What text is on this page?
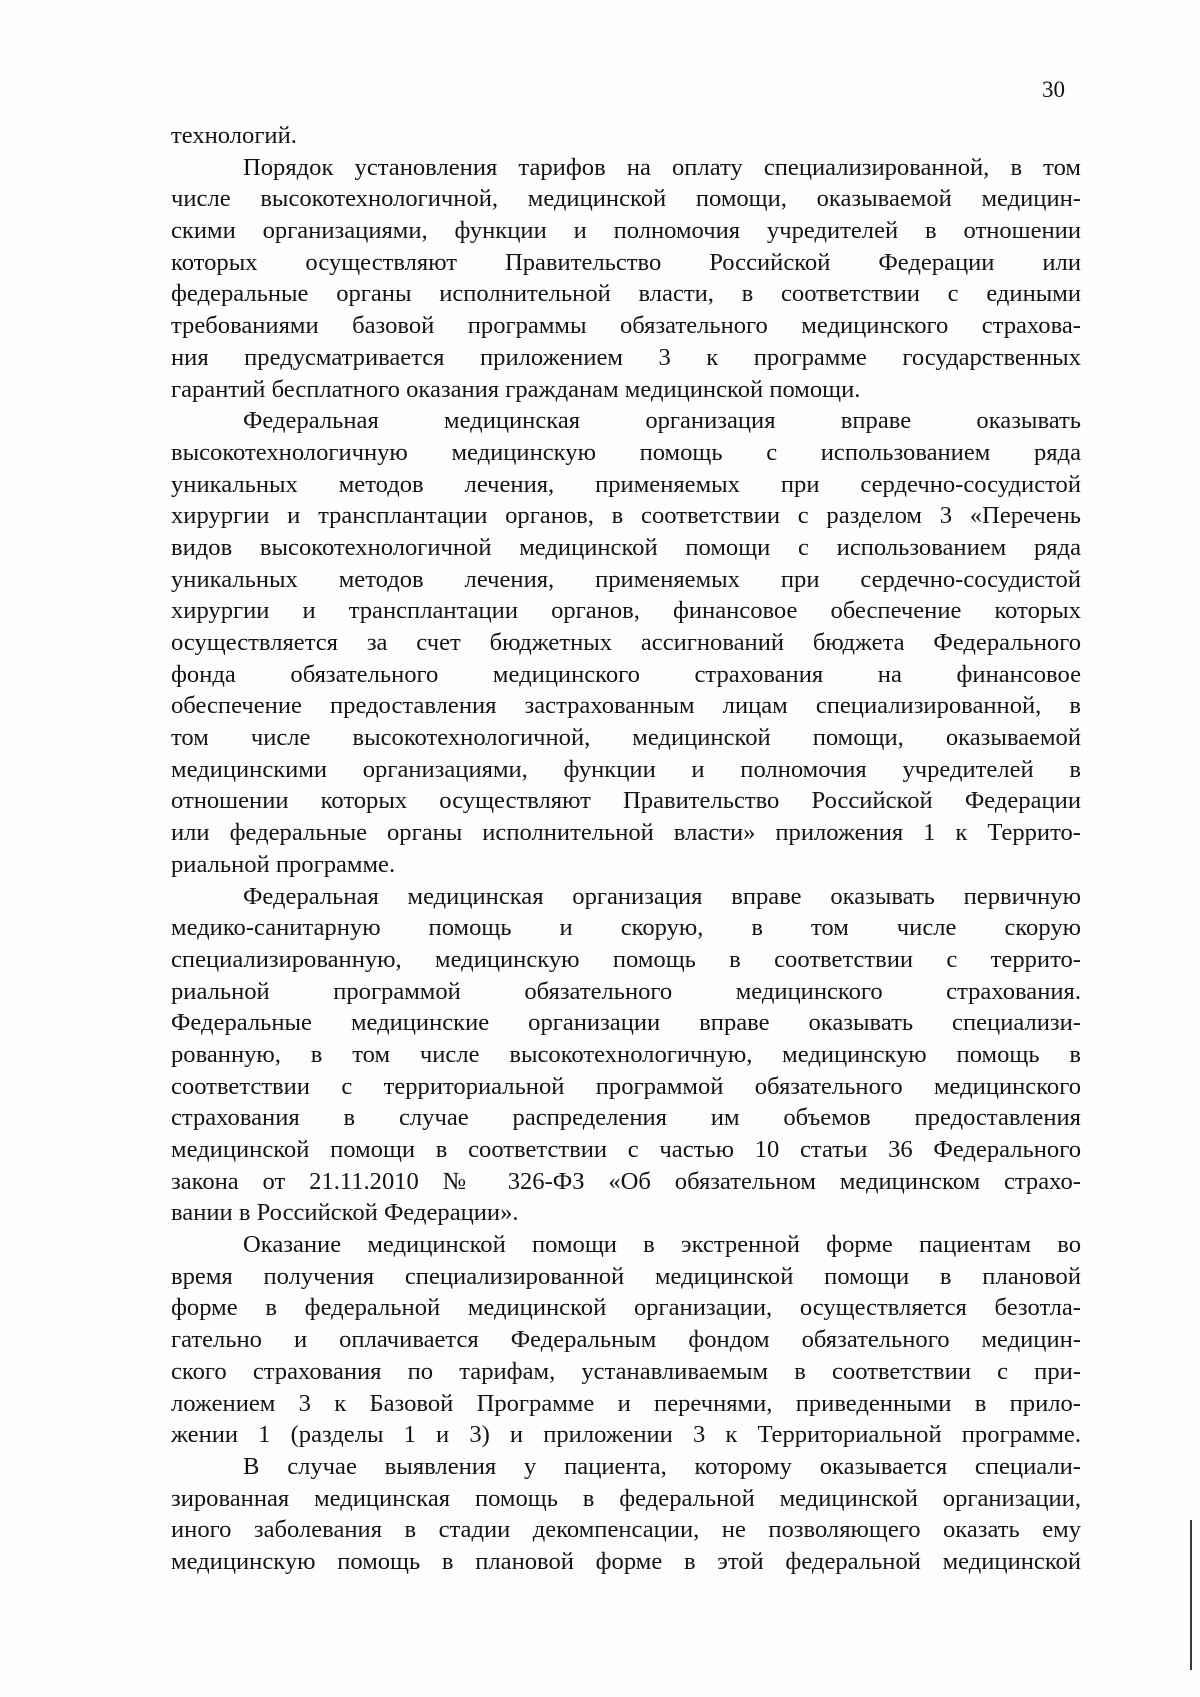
30
технологий.
Порядок установления тарифов на оплату специализированной, в том
числе высокотехнологичной, медицинской помощи, оказываемой медицин-
скими организациями, функции и полномочия учредителей в отношении
которых осуществляют Правительство Российской Федерации или
федеральные органы исполнительной власти, в соответствии с едиными
требованиями базовой программы обязательного медицинского страхова-
ния предусматривается приложением 3 к программе государственных
гарантий бесплатного оказания гражданам медицинской помощи.
Федеральная медицинская организация вправе оказывать
высокотехнологичную медицинскую помощь с использованием ряда
уникальных методов лечения, применяемых при сердечно-сосудистой
хирургии и трансплантации органов, в соответствии с разделом 3 «Перечень
видов высокотехнологичной медицинской помощи с использованием ряда
уникальных методов лечения, применяемых при сердечно-сосудистой
хирургии и трансплантации органов, финансовое обеспечение которых
осуществляется за счет бюджетных ассигнований бюджета Федерального
фонда обязательного медицинского страхования на финансовое
обеспечение предоставления застрахованным лицам специализированной, в
том числе высокотехнологичной, медицинской помощи, оказываемой
медицинскими организациями, функции и полномочия учредителей в
отношении которых осуществляют Правительство Российской Федерации
или федеральные органы исполнительной власти» приложения 1 к Террито-
риальной программе.
Федеральная медицинская организация вправе оказывать первичную
медико-санитарную помощь и скорую, в том числе скорую
специализированную, медицинскую помощь в соответствии с террито-
риальной программой обязательного медицинского страхования.
Федеральные медицинские организации вправе оказывать специализи-
рованную, в том числе высокотехнологичную, медицинскую помощь в
соответствии с территориальной программой обязательного медицинского
страхования в случае распределения им объемов предоставления
медицинской помощи в соответствии с частью 10 статьи 36 Федерального
закона от 21.11.2010 № 326-ФЗ «Об обязательном медицинском страхо-
вании в Российской Федерации».
Оказание медицинской помощи в экстренной форме пациентам во
время получения специализированной медицинской помощи в плановой
форме в федеральной медицинской организации, осуществляется безотла-
гательно и оплачивается Федеральным фондом обязательного медицин-
ского страхования по тарифам, устанавливаемым в соответствии с при-
ложением 3 к Базовой Программе и перечнями, приведенными в прило-
жении 1 (разделы 1 и 3) и приложении 3 к Территориальной программе.
В случае выявления у пациента, которому оказывается специали-
зированная медицинская помощь в федеральной медицинской организации,
иного заболевания в стадии декомпенсации, не позволяющего оказать ему
медицинскую помощь в плановой форме в этой федеральной медицинской
